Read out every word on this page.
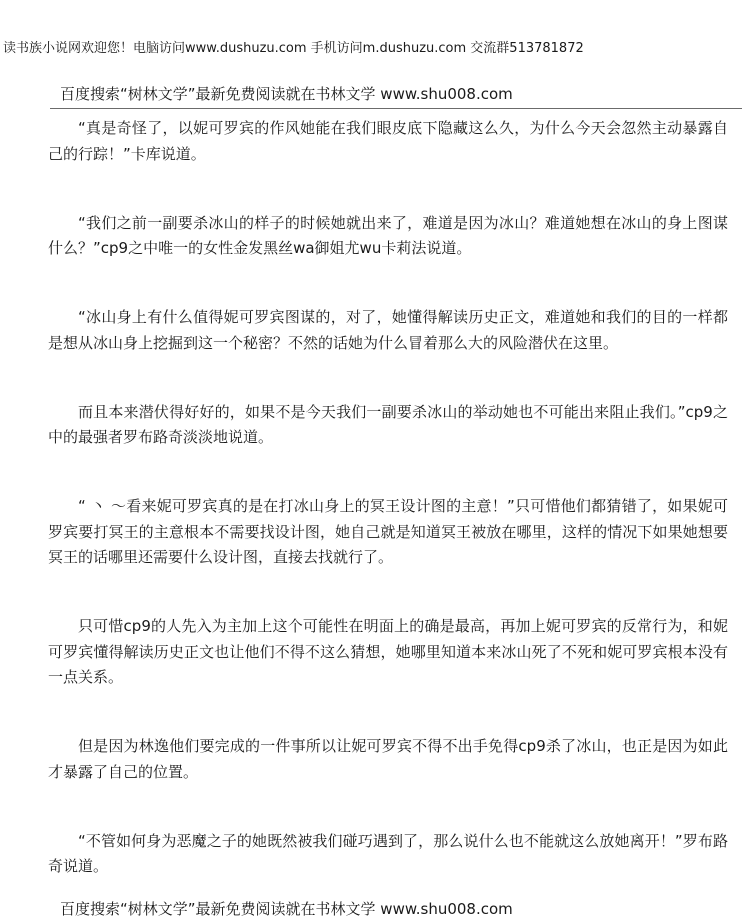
读书族小说网欢迎您！电脑访问www.dushuzu.com 手机访问m.dushuzu.com 交流群513781872
百度搜索“树林文学”最新免费阅读就在书林文学 www.shu008.com

“真是奇怪了，以妮可罗宾的作风她能在我们眼皮底下隐藏这么久，为什么今天会忽然主动暴露自己的行踪！”卡库说道。

“我们之前一副要杀冰山的样子的时候她就出来了，难道是因为冰山？难道她想在冰山的身上图谋什么？”cp9之中唯一的女性金发黑丝wa御姐尤wu卡莉法说道。

“冰山身上有什么值得妮可罗宾图谋的，对了，她懂得解读历史正文，难道她和我们的目的一样都是想从冰山身上挖掘到这一个秘密？不然的话她为什么冒着那么大的风险潜伏在这里。

而且本来潜伏得好好的，如果不是今天我们一副要杀冰山的举动她也不可能出来阻止我们。”cp9之中的最强者罗布路奇淡淡地说道。

“ 丶 ～看来妮可罗宾真的是在打冰山身上的冥王设计图的主意！”只可惜他们都猜错了，如果妮可罗宾要打冥王的主意根本不需要找设计图，她自己就是知道冥王被放在哪里，这样的情况下如果她想要冥王的话哪里还需要什么设计图，直接去找就行了。

只可惜cp9的人先入为主加上这个可能性在明面上的确是最高，再加上妮可罗宾的反常行为，和妮可罗宾懂得解读历史正文也让他们不得不这么猜想，她哪里知道本来冰山死了不死和妮可罗宾根本没有一点关系。

但是因为林逸他们要完成的一件事所以让妮可罗宾不得不出手免得cp9杀了冰山，也正是因为如此才暴露了自己的位置。

“不管如何身为恶魔之子的她既然被我们碰巧遇到了，那么说什么也不能就这么放她离开！”罗布路奇说道。

百度搜索“树林文学”最新免费阅读就在书林文学 www.shu008.com
